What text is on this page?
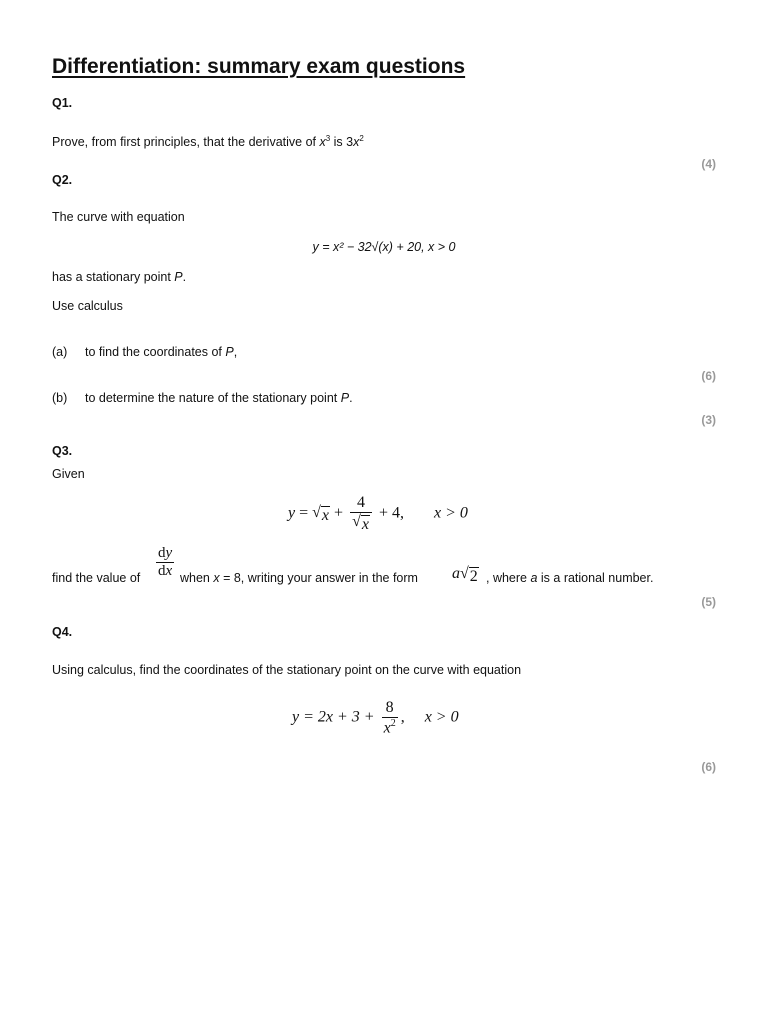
Differentiation: summary exam questions
Q1.
Prove, from first principles, that the derivative of $x^3$ is $3x^2$
(4)
Q2.
The curve with equation
y = x² − 32√(x) + 20, x > 0
has a stationary point P.
Use calculus
(a) to find the coordinates of P,
(6)
(b) to determine the nature of the stationary point P.
(3)
Q3.
Given
y = √ $x + \frac{4}{√ x} + 4$, x > 0
$\frac{dy}{dx}$
find the value of	when x = 8, writing your answer in the form a √ 2 , where a is a rational number.
(5)
Q4.
Using calculus, find the coordinates of the stationary point on the curve with equation
$y = 2x + 3 + \frac{8}{x^2}$ , x > 0
(6)
